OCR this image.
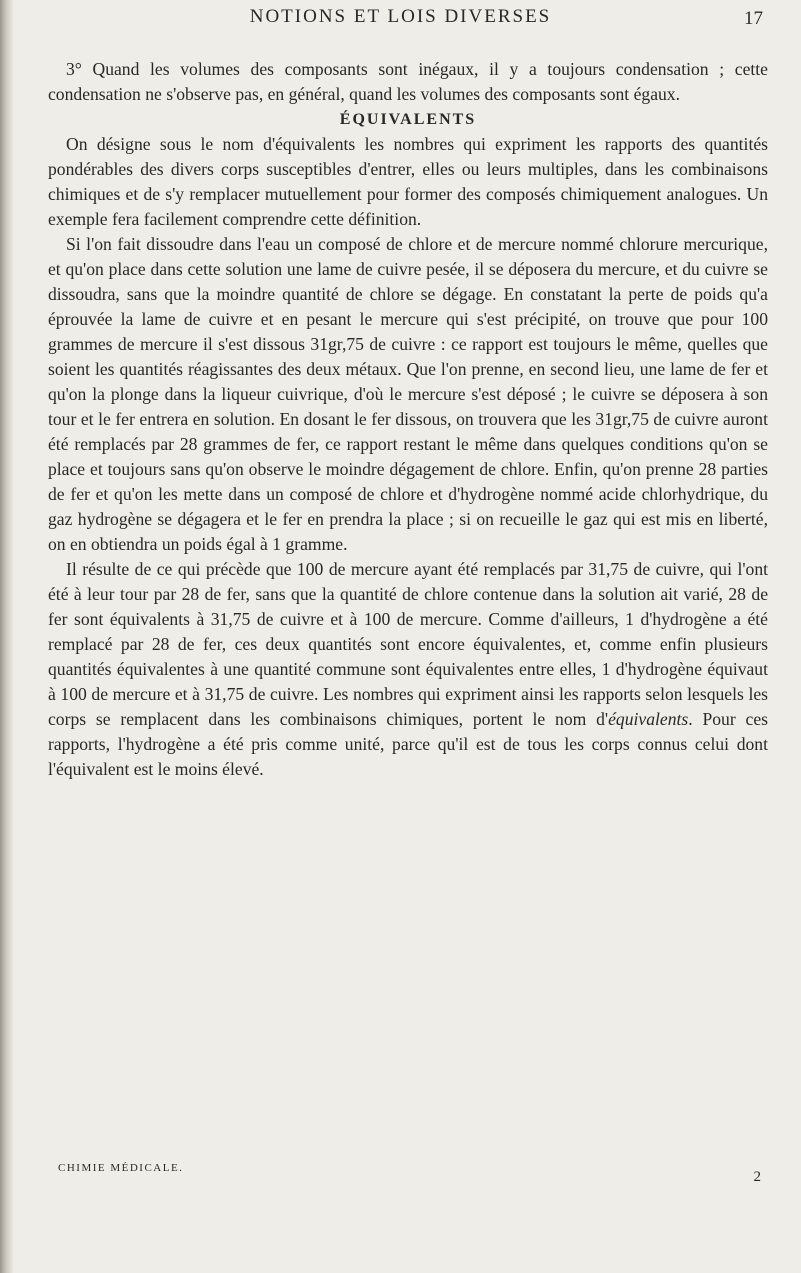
NOTIONS ET LOIS DIVERSES	17

3° Quand les volumes des composants sont inégaux, il y a toujours condensation ; cette condensation ne s'observe pas, en général, quand les volumes des composants sont égaux.

ÉQUIVALENTS

On désigne sous le nom d'équivalents les nombres qui expriment les rapports des quantités pondérables des divers corps susceptibles d'entrer, elles ou leurs multiples, dans les combinaisons chimiques et de s'y remplacer mutuellement pour former des composés chimiquement analogues. Un exemple fera facilement comprendre cette définition.

Si l'on fait dissoudre dans l'eau un composé de chlore et de mercure nommé chlorure mercurique, et qu'on place dans cette solution une lame de cuivre pesée, il se déposera du mercure, et du cuivre se dissoudra, sans que la moindre quantité de chlore se dégage. En constatant la perte de poids qu'a éprouvée la lame de cuivre et en pesant le mercure qui s'est précipité, on trouve que pour 100 grammes de mercure il s'est dissous 31gr,75 de cuivre : ce rapport est toujours le même, quelles que soient les quantités réagissantes des deux métaux. Que l'on prenne, en second lieu, une lame de fer et qu'on la plonge dans la liqueur cuivrique, d'où le mercure s'est déposé ; le cuivre se déposera à son tour et le fer entrera en solution. En dosant le fer dissous, on trouvera que les 31gr,75 de cuivre auront été remplacés par 28 grammes de fer, ce rapport restant le même dans quelques conditions qu'on se place et toujours sans qu'on observe le moindre dégagement de chlore. Enfin, qu'on prenne 28 parties de fer et qu'on les mette dans un composé de chlore et d'hydrogène nommé acide chlorhydrique, du gaz hydrogène se dégagera et le fer en prendra la place ; si on recueille le gaz qui est mis en liberté, on en obtiendra un poids égal à 1 gramme.

Il résulte de ce qui précède que 100 de mercure ayant été remplacés par 31,75 de cuivre, qui l'ont été à leur tour par 28 de fer, sans que la quantité de chlore contenue dans la solution ait varié, 28 de fer sont équivalents à 31,75 de cuivre et à 100 de mercure. Comme d'ailleurs, 1 d'hydrogène a été remplacé par 28 de fer, ces deux quantités sont encore équivalentes, et, comme enfin plusieurs quantités équivalentes à une quantité commune sont équivalentes entre elles, 1 d'hydrogène équivaut à 100 de mercure et à 31,75 de cuivre. Les nombres qui expriment ainsi les rapports selon lesquels les corps se remplacent dans les combinaisons chimiques, portent le nom d'équivalents. Pour ces rapports, l'hydrogène a été pris comme unité, parce qu'il est de tous les corps connus celui dont l'équivalent est le moins élevé.

CHIMIE MÉDICALE.
2
